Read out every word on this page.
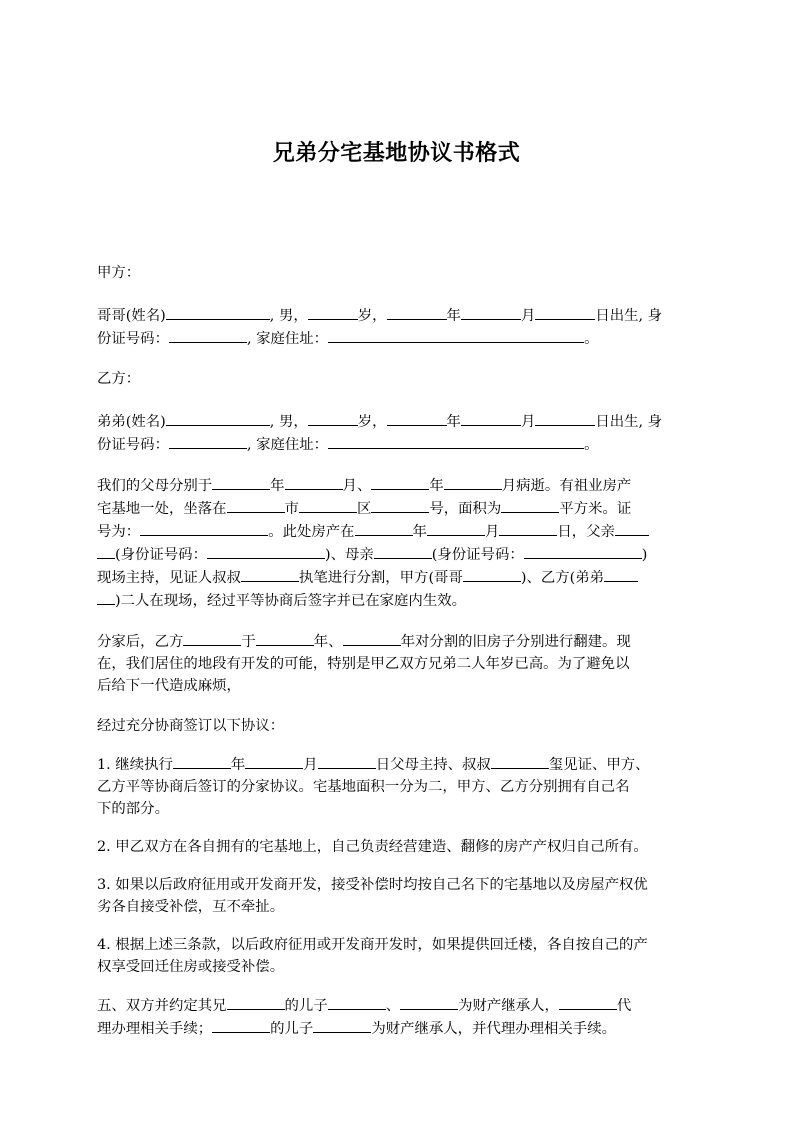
兄弟分宅基地协议书格式

甲方：

哥哥(姓名)	, 男，	岁，	年	月	日出生, 身
份证号码：	, 家庭住址：	。

乙方：

弟弟(姓名)	, 男，	岁，	年	月	日出生, 身
份证号码：	, 家庭住址：	。

我们的父母分别于	年	月、	年	月病逝。有祖业房产
宅基地一处，坐落在	市	区	号，面积为	平方米。证
号为：	。此处房产在	年	月	日，父亲
(身份证号码：	)、母亲	(身份证号码：	)
现场主持，见证人叔叔	执笔进行分割，甲方(哥哥	)、乙方(弟弟
)二人在现场，经过平等协商后签字并已在家庭内生效。

分家后，乙方	于	年、	年对分割的旧房子分别进行翻建。现
在，我们居住的地段有开发的可能，特别是甲乙双方兄弟二人年岁已高。为了避免以
后给下一代造成麻烦，

经过充分协商签订以下协议：

1. 继续执行	年	月	日父母主持、叔叔	玺见证、甲方、
乙方平等协商后签订的分家协议。宅基地面积一分为二，甲方、乙方分别拥有自己名
下的部分。

2. 甲乙双方在各自拥有的宅基地上，自己负责经营建造、翻修的房产产权归自己所有。

3. 如果以后政府征用或开发商开发，接受补偿时均按自己名下的宅基地以及房屋产权优
劣各自接受补偿，互不牵扯。

4. 根据上述三条款，以后政府征用或开发商开发时，如果提供回迁楼，各自按自己的产
权享受回迁住房或接受补偿。

五、双方并约定其兄	的儿子	、	为财产继承人，	代
理办理相关手续；	的儿子	为财产继承人，并代理办理相关手续。
